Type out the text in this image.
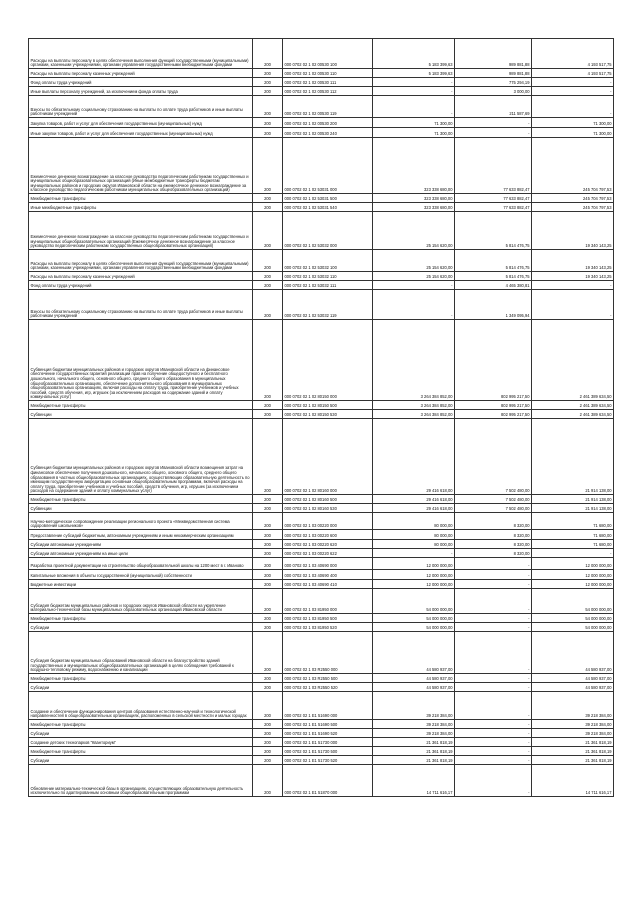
Расходы на выплаты персоналу в целях обеспечения выполнения функций государственными (муниципальными) органами, казенными учреждениями, органами управления государственными внебюджетными фондами	200	000 0702 02 1 02 00530 100	5 183 399,63	989 881,88	4 193 517,75
Расходы на выплаты персоналу казенных учреждений	200	000 0702 02 1 02 00530 110	5 183 399,63	989 881,88	4 193 517,75
Фонд оплаты труда учреждений	200	000 0702 02 1 02 00530 111	-	775 294,19	-
Иные выплаты персоналу учреждений, за исключением фонда оплаты труда	200	000 0702 02 1 02 00530 112	-	3 000,00	-
Взносы по обязательному социальному страхованию на выплаты по оплате труда работников и иные выплаты работникам учреждений	200	000 0702 02 1 02 00530 119	-	211 587,69	-
Закупка товаров, работ и услуг для обеспечения государственных (муниципальных) нужд	200	000 0702 02 1 02 00530 200	71 300,00	-	71 300,00
Иные закупки товаров, работ и услуг для обеспечения государственных (муниципальных) нужд	200	000 0702 02 1 02 00530 240	71 300,00	-	71 300,00
Ежемесячное денежное вознаграждение за классное руководство педагогическим работникам государственных и муниципальных общеобразовательных организаций (Иные межбюджетные трансферты бюджетам муниципальных районов и городских округов Ивановской области на ежемесячное денежное вознаграждение за классное руководство педагогическим работникам муниципальных общеобразовательных организаций)	200	000 0702 02 1 02 53031 000	323 338 680,00	77 633 882,47	245 704 797,53
Межбюджетные трансферты	200	000 0702 02 1 02 53031 500	323 338 680,00	77 633 882,47	245 704 797,53
Иные межбюджетные трансферты	200	000 0702 02 1 02 53031 540	323 338 680,00	77 633 882,47	245 704 797,53
Ежемесячное денежное вознаграждение за классное руководство педагогическим работникам государственных и муниципальных общеобразовательных организаций (Ежемесячное денежное вознаграждение за классное руководство педагогическим работникам государственных общеобразовательных организаций)	200	000 0702 02 1 02 53032 000	25 154 620,00	5 814 476,75	19 340 143,25
Расходы на выплаты персоналу в целях обеспечения выполнения функций государственными (муниципальными) органами, казенными учреждениями, органами управления государственными внебюджетными фондами	200	000 0702 02 1 02 53032 100	25 154 620,00	5 814 476,75	19 340 143,25
Расходы на выплаты персоналу казенных учреждений	200	000 0702 02 1 02 53032 110	25 154 620,00	5 814 476,75	19 340 143,25
Фонд оплаты труда учреждений	200	000 0702 02 1 02 53032 111	-	4 465 380,81	-
Взносы по обязательному социальному страхованию на выплаты по оплате труда работников и иные выплаты работникам учреждений	200	000 0702 02 1 02 53032 119	-	1 349 095,94	-
Субвенция бюджетам муниципальных районов и городских округов Ивановской области на финансовое обеспечение государственных гарантий реализации прав на получение общедоступного и бесплатного дошкольного, начального общего, основного общего, среднего общего образования в муниципальных общеобразовательных организациях, обеспечение дополнительного образования в муниципальных общеобразовательных организациях, включая расходы на оплату труда, приобретение учебников и учебных пособий, средств обучения, игр, игрушек (за исключением расходов на содержание зданий и оплату коммунальных услуг)	200	000 0702 02 1 02 80150 000	3 264 384 852,00	802 995 217,50	2 461 389 634,50
Межбюджетные трансферты	200	000 0702 02 1 02 80150 500	3 264 384 852,00	802 995 217,50	2 461 389 634,50
Субвенции	200	000 0702 02 1 02 80150 530	3 264 384 852,00	802 995 217,50	2 461 389 634,50
Субвенция бюджетам муниципальных районов и городских округов Ивановской области возмещения затрат на финансовое обеспечение получения дошкольного, начального общего, основного общего, среднего общего образования в частных общеобразовательных организациях, осуществляющих образовательную деятельность по имеющим государственную аккредитацию основным общеобразовательным программам, включая расходы на оплату труда, приобретение учебников и учебных пособий, средств обучения, игр, игрушек (за исключением расходов на содержание зданий и оплату коммунальных услуг)	200	000 0702 02 1 02 80160 000	29 416 618,00	7 502 480,00	21 914 138,00
Межбюджетные трансферты	200	000 0702 02 1 02 80160 500	29 416 618,00	7 502 480,00	21 914 138,00
Субвенции	200	000 0702 02 1 02 80160 530	29 416 618,00	7 502 480,00	21 914 138,00
Научно-методическое сопровождение реализации регионального проекта «Межведомственная система оздоровления школьников»	200	000 0702 02 1 03 00220 000	80 000,00	8 320,00	71 680,00
Предоставление субсидий бюджетным, автономным учреждениям и иным некоммерческим организациям	200	000 0702 02 1 03 00220 600	80 000,00	8 320,00	71 680,00
Субсидии автономным учреждениям	200	000 0702 02 1 03 00220 620	80 000,00	8 320,00	71 680,00
Субсидии автономным учреждениям на иные цели	200	000 0702 02 1 03 00220 622	-	8 320,00	-
Разработка проектной документации на строительство общеобразовательной школы на 1200 мест в г. Иваново	200	000 0702 02 1 03 40690 000	12 000 000,00	-	12 000 000,00
Капитальные вложения в объекты государственной (муниципальной) собственности	200	000 0702 02 1 03 40690 400	12 000 000,00	-	12 000 000,00
Бюджетные инвестиции	200	000 0702 02 1 03 40690 410	12 000 000,00	-	12 000 000,00
Субсидия бюджетам муниципальных районов и городских округов Ивановской области на укрепление материально-технической базы муниципальных образовательных организаций Ивановской области	200	000 0702 02 1 03 81950 000	54 000 000,00	-	54 000 000,00
Межбюджетные трансферты	200	000 0702 02 1 03 81950 500	54 000 000,00	-	54 000 000,00
Субсидии	200	000 0702 02 1 03 81950 520	54 000 000,00	-	54 000 000,00
Субсидия бюджетам муниципальных образований Ивановской области на благоустройство зданий государственных и муниципальных общеобразовательных организаций в целях соблюдения требований к воздушно-тепловому режиму, водоснабжению и канализации	200	000 0702 02 1 03 R2550 000	44 580 937,00	-	44 580 937,00
Межбюджетные трансферты	200	000 0702 02 1 03 R2550 500	44 580 937,00	-	44 580 937,00
Субсидии	200	000 0702 02 1 03 R2550 520	44 580 937,00	-	44 580 937,00
Создание и обеспечение функционирования центров образования естественно-научной и технологической направленностей в общеобразовательных организациях, расположенных в сельской местности и малых городах	200	000 0702 02 1 E1 51690 000	39 218 384,00	-	39 218 384,00
Межбюджетные трансферты	200	000 0702 02 1 E1 51690 500	39 218 384,00	-	39 218 384,00
Субсидии	200	000 0702 02 1 E1 51690 520	39 218 384,00	-	39 218 384,00
Создание детских технопарков "Кванториум"	200	000 0702 02 1 E1 51730 000	21 361 818,19	-	21 361 818,19
Межбюджетные трансферты	200	000 0702 02 1 E1 51730 500	21 361 818,19	-	21 361 818,19
Субсидии	200	000 0702 02 1 E1 51730 520	21 361 818,19	-	21 361 818,19
Обновление материально-технической базы в организациях, осуществляющих образовательную деятельность исключительно по адаптированным основным общеобразовательным программам	200	000 0702 02 1 E1 51870 000	14 711 616,17	-	14 711 616,17
